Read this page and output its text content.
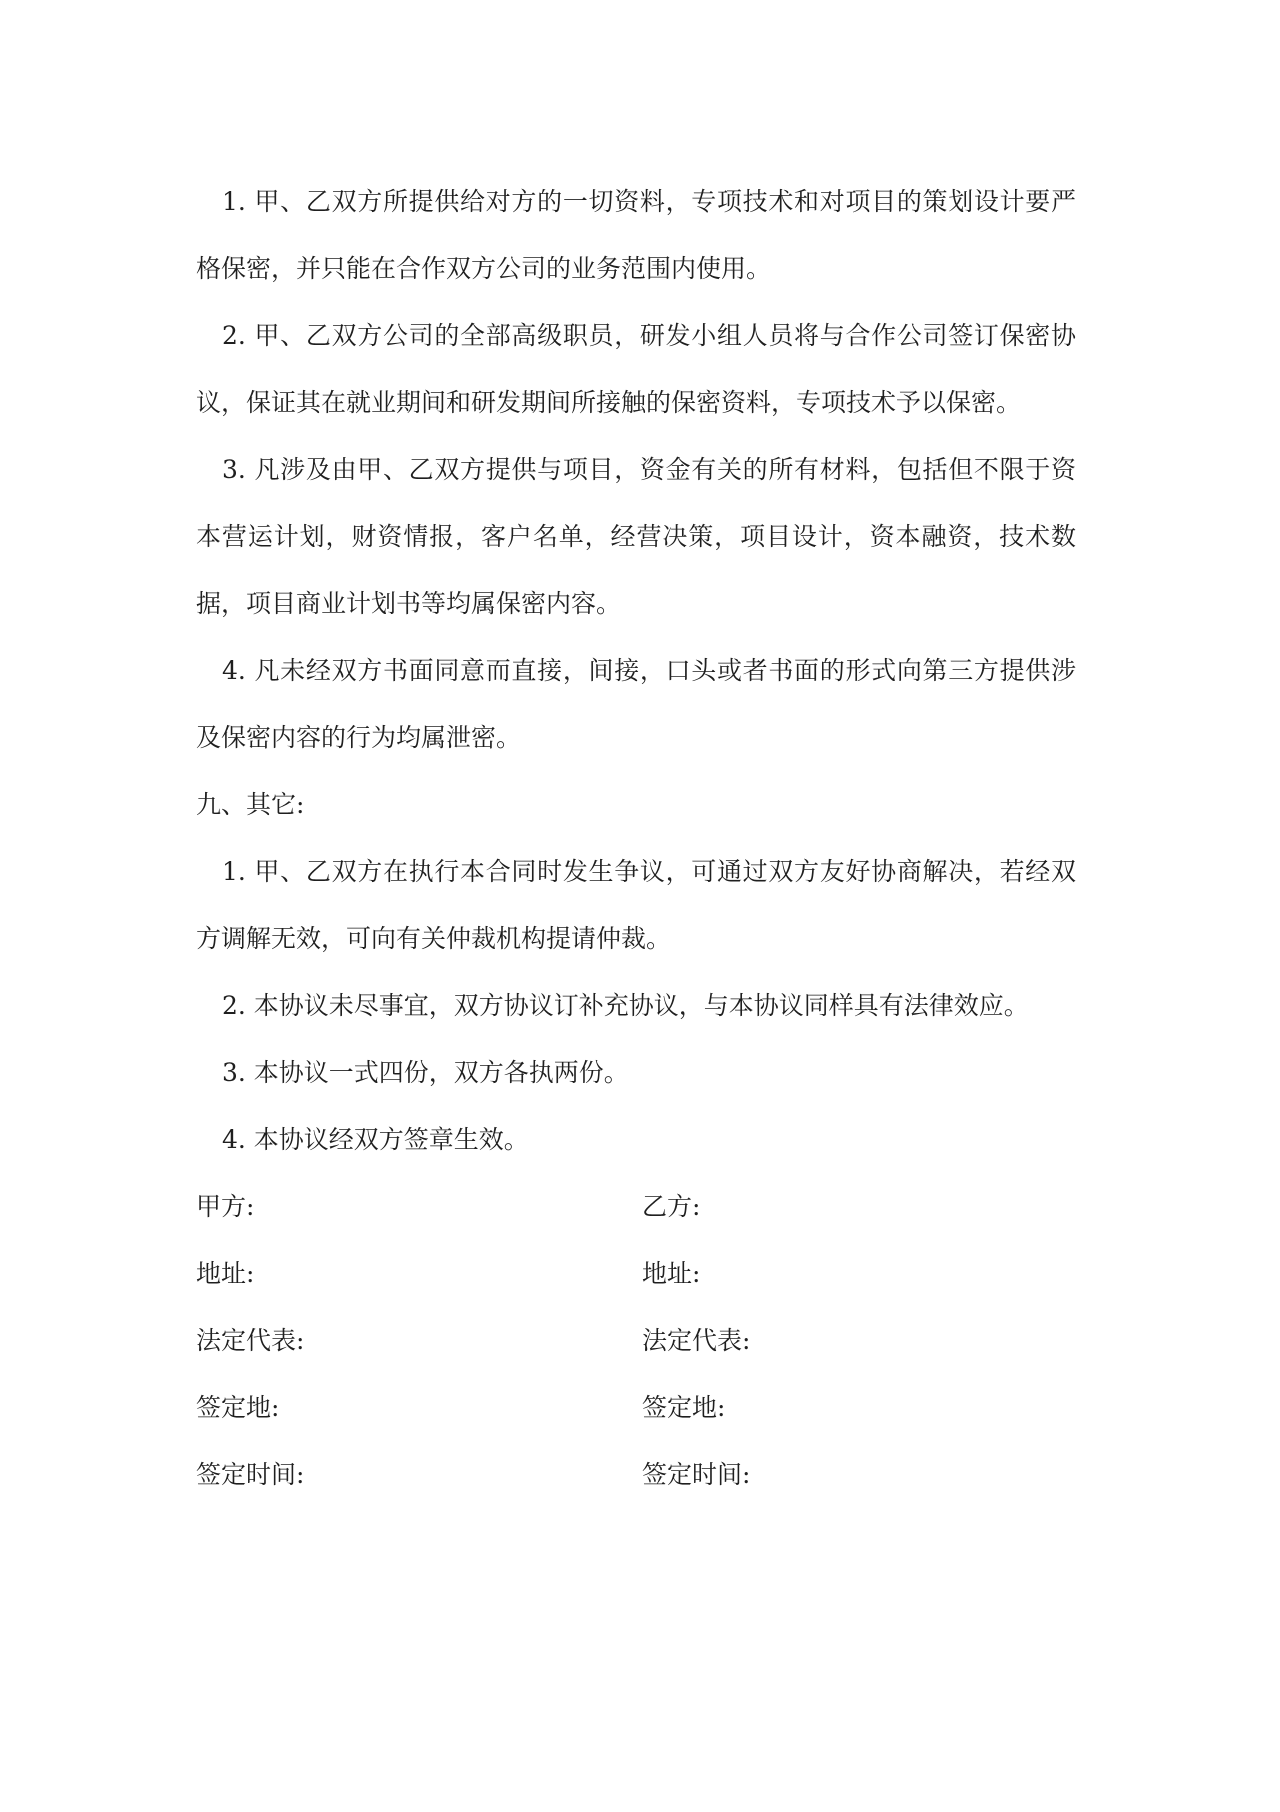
1. 甲、乙双方所提供给对方的一切资料，专项技术和对项目的策划设计要严格保密，并只能在合作双方公司的业务范围内使用。

2. 甲、乙双方公司的全部高级职员，研发小组人员将与合作公司签订保密协议，保证其在就业期间和研发期间所接触的保密资料，专项技术予以保密。

3. 凡涉及由甲、乙双方提供与项目，资金有关的所有材料，包括但不限于资本营运计划，财资情报，客户名单，经营决策，项目设计，资本融资，技术数据，项目商业计划书等均属保密内容。

4. 凡未经双方书面同意而直接，间接，口头或者书面的形式向第三方提供涉及保密内容的行为均属泄密。

九、其它:

1. 甲、乙双方在执行本合同时发生争议，可通过双方友好协商解决，若经双方调解无效，可向有关仲裁机构提请仲裁。

2. 本协议未尽事宜，双方协议订补充协议，与本协议同样具有法律效应。

3. 本协议一式四份，双方各执两份。

4. 本协议经双方签章生效。

甲方:	乙方:
地址:	地址:
法定代表:	法定代表:
签定地:	签定地:
签定时间:	签定时间:
